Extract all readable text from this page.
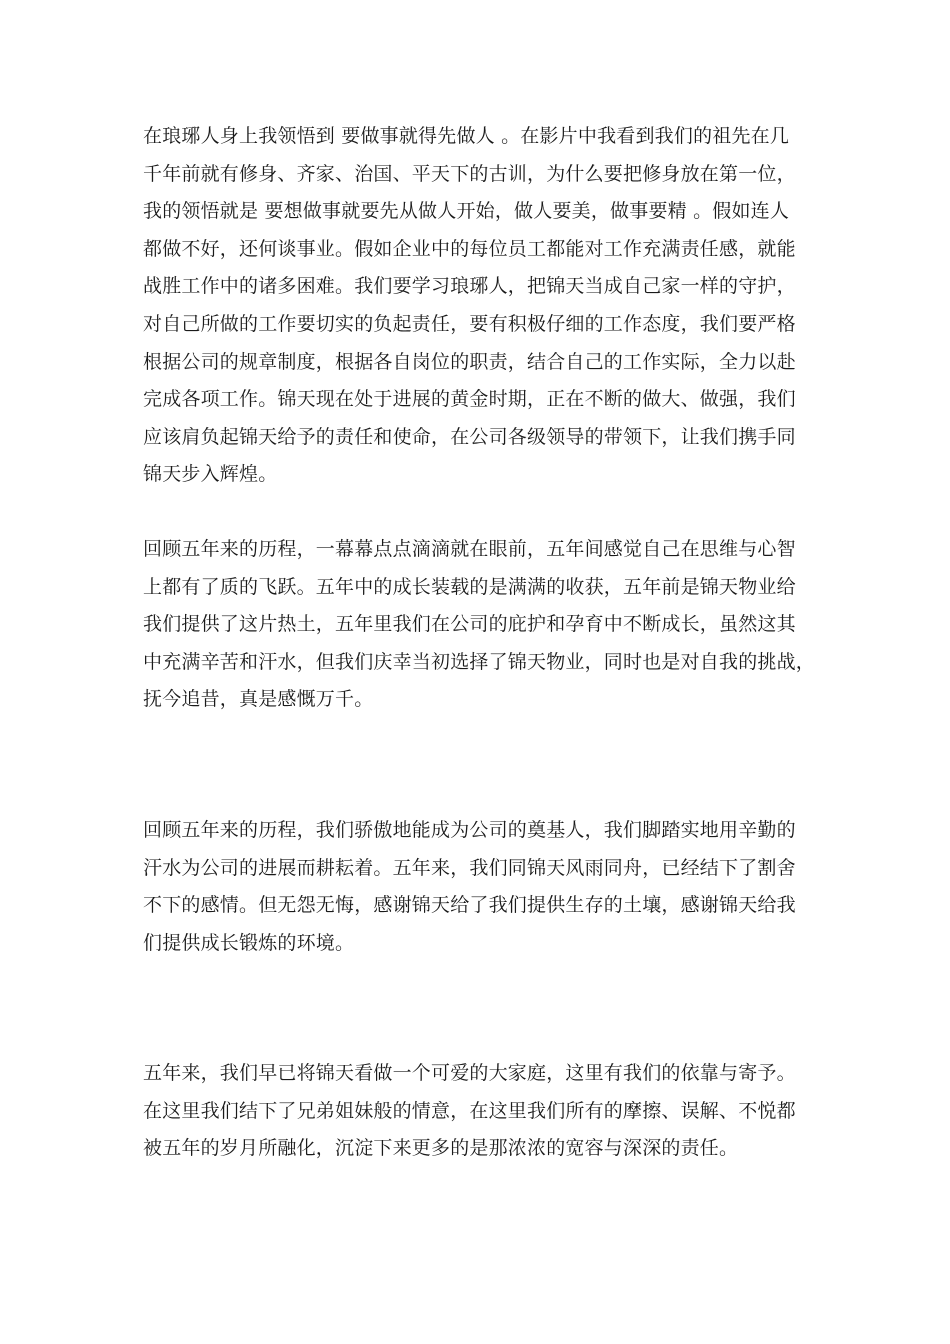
在琅琊人身上我领悟到 要做事就得先做人 。在影片中我看到我们的祖先在几
千年前就有修身、齐家、治国、平天下的古训，为什么要把修身放在第一位，
我的领悟就是 要想做事就要先从做人开始，做人要美，做事要精 。假如连人
都做不好，还何谈事业。假如企业中的每位员工都能对工作充满责任感，就能
战胜工作中的诸多困难。我们要学习琅琊人，把锦天当成自己家一样的守护，
对自己所做的工作要切实的负起责任，要有积极仔细的工作态度，我们要严格
根据公司的规章制度，根据各自岗位的职责，结合自己的工作实际，全力以赴
完成各项工作。锦天现在处于进展的黄金时期，正在不断的做大、做强，我们
应该肩负起锦天给予的责任和使命，在公司各级领导的带领下，让我们携手同
锦天步入辉煌。
回顾五年来的历程，一幕幕点点滴滴就在眼前，五年间感觉自己在思维与心智
上都有了质的飞跃。五年中的成长装载的是满满的收获，五年前是锦天物业给
我们提供了这片热土，五年里我们在公司的庇护和孕育中不断成长，虽然这其
中充满辛苦和汗水，但我们庆幸当初选择了锦天物业，同时也是对自我的挑战，
抚今追昔，真是感慨万千。
回顾五年来的历程，我们骄傲地能成为公司的奠基人，我们脚踏实地用辛勤的
汗水为公司的进展而耕耘着。五年来，我们同锦天风雨同舟，已经结下了割舍
不下的感情。但无怨无悔，感谢锦天给了我们提供生存的土壤，感谢锦天给我
们提供成长锻炼的环境。
五年来，我们早已将锦天看做一个可爱的大家庭，这里有我们的依靠与寄予。
在这里我们结下了兄弟姐妹般的情意，在这里我们所有的摩擦、误解、不悦都
被五年的岁月所融化，沉淀下来更多的是那浓浓的宽容与深深的责任。
